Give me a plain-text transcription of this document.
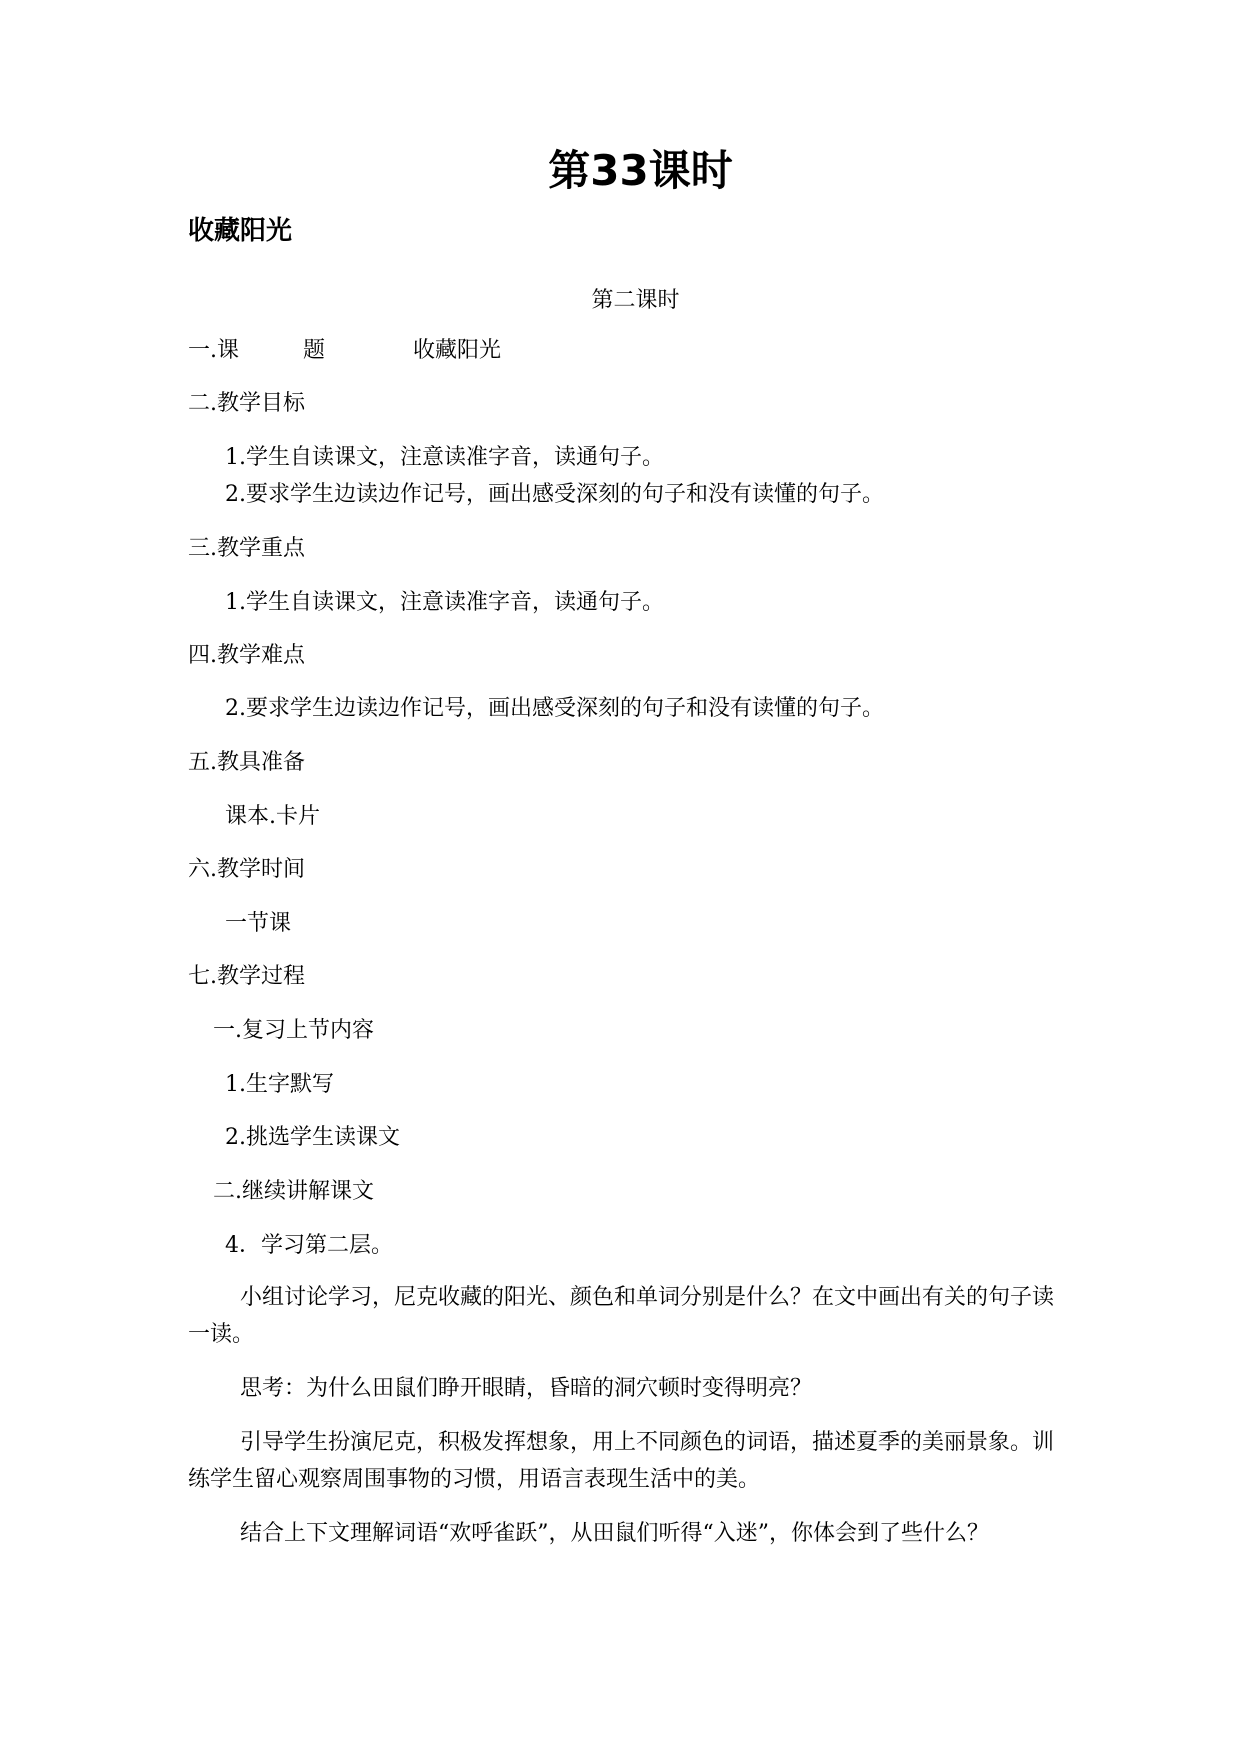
第33课时
收藏阳光
第二课时
一.课	题	收藏阳光
二.教学目标
1.学生自读课文，注意读准字音，读通句子。
2.要求学生边读边作记号，画出感受深刻的句子和没有读懂的句子。
三.教学重点
1.学生自读课文，注意读准字音，读通句子。
四.教学难点
2.要求学生边读边作记号，画出感受深刻的句子和没有读懂的句子。
五.教具准备
课本.卡片
六.教学时间
一节课
七.教学过程
一.复习上节内容
1.生字默写
2.挑选学生读课文
二.继续讲解课文
4．学习第二层。
小组讨论学习，尼克收藏的阳光、颜色和单词分别是什么？在文中画出有关的句子读一读。
思考：为什么田鼠们睁开眼睛，昏暗的洞穴顿时变得明亮？
引导学生扮演尼克，积极发挥想象，用上不同颜色的词语，描述夏季的美丽景象。训练学生留心观察周围事物的习惯，用语言表现生活中的美。
结合上下文理解词语“欢呼雀跃”，从田鼠们听得“入迷”，你体会到了些什么？
